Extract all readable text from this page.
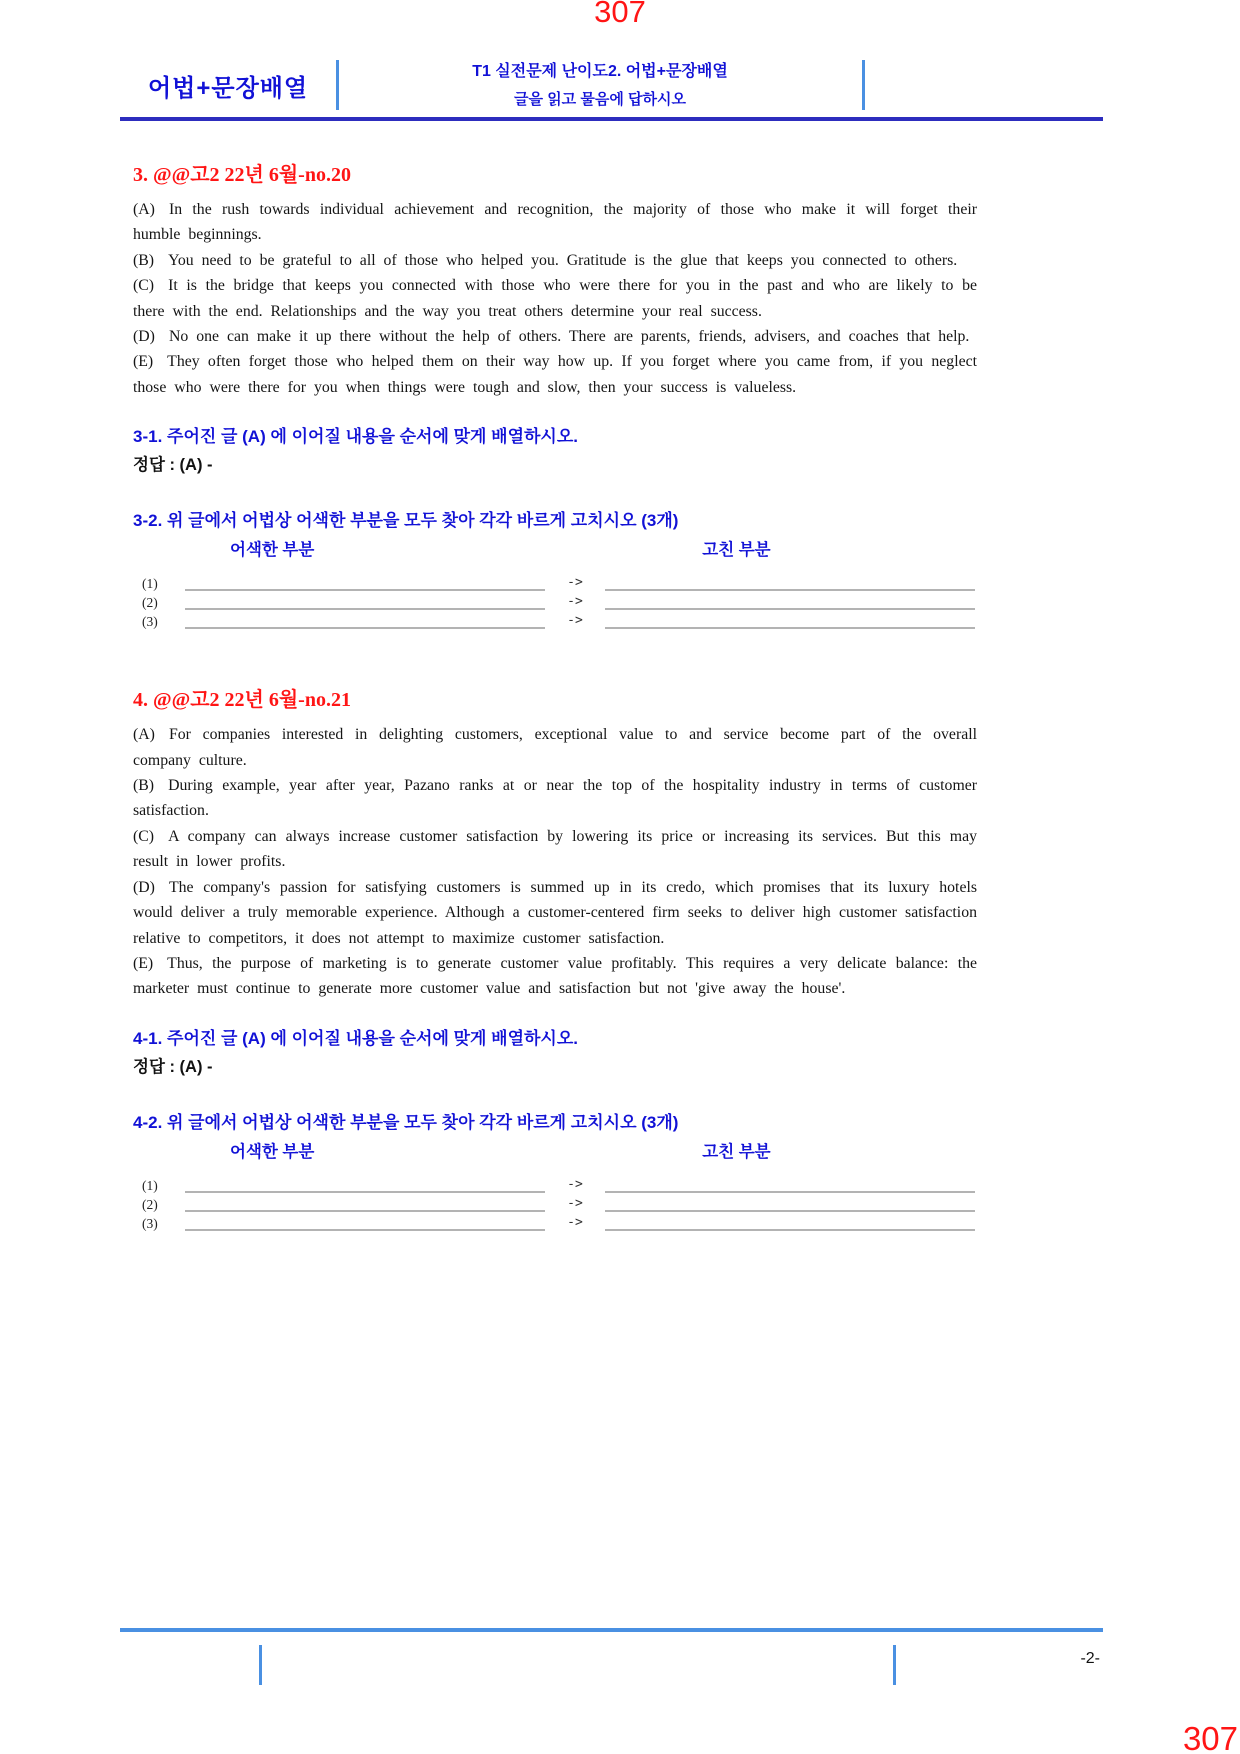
307
어법+문장배열
T1 실전문제 난이도2. 어법+문장배열
글을 읽고 물음에 답하시오
3. @@고2 22년 6월-no.20

(A) In the rush towards individual achievement and recognition, the majority of those who make it will forget their humble beginnings.

(B) You need to be grateful to all of those who helped you. Gratitude is the glue that keeps you connected to others.

(C) It is the bridge that keeps you connected with those who were there for you in the past and who are likely to be there with the end. Relationships and the way you treat others determine your real success.

(D) No one can make it up there without the help of others. There are parents, friends, advisers, and coaches that help.

(E) They often forget those who helped them on their way how up. If you forget where you came from, if you neglect those who were there for you when things were tough and slow, then your success is valueless.

3-1. 주어진 글 (A) 에 이어질 내용을 순서에 맞게 배열하시오.

정답 : (A) -

3-2. 위 글에서 어법상 어색한 부분을 모두 찾아 각각 바르게 고치시오 (3개)

어색한 부분	고친 부분
(1)	->
(2)	->
(3)	->
4. @@고2 22년 6월-no.21

(A) For companies interested in delighting customers, exceptional value to and service become part of the overall company culture.

(B) During example, year after year, Pazano ranks at or near the top of the hospitality industry in terms of customer satisfaction.

(C) A company can always increase customer satisfaction by lowering its price or increasing its services. But this may result in lower profits.

(D) The company's passion for satisfying customers is summed up in its credo, which promises that its luxury hotels would deliver a truly memorable experience. Although a customer-centered firm seeks to deliver high customer satisfaction relative to competitors, it does not attempt to maximize customer satisfaction.

(E) Thus, the purpose of marketing is to generate customer value profitably. This requires a very delicate balance: the marketer must continue to generate more customer value and satisfaction but not 'give away the house'.

4-1. 주어진 글 (A) 에 이어질 내용을 순서에 맞게 배열하시오.

정답 : (A) -

4-2. 위 글에서 어법상 어색한 부분을 모두 찾아 각각 바르게 고치시오 (3개)

어색한 부분	고친 부분
(1)	->
(2)	->
(3)	->
-2-
307
